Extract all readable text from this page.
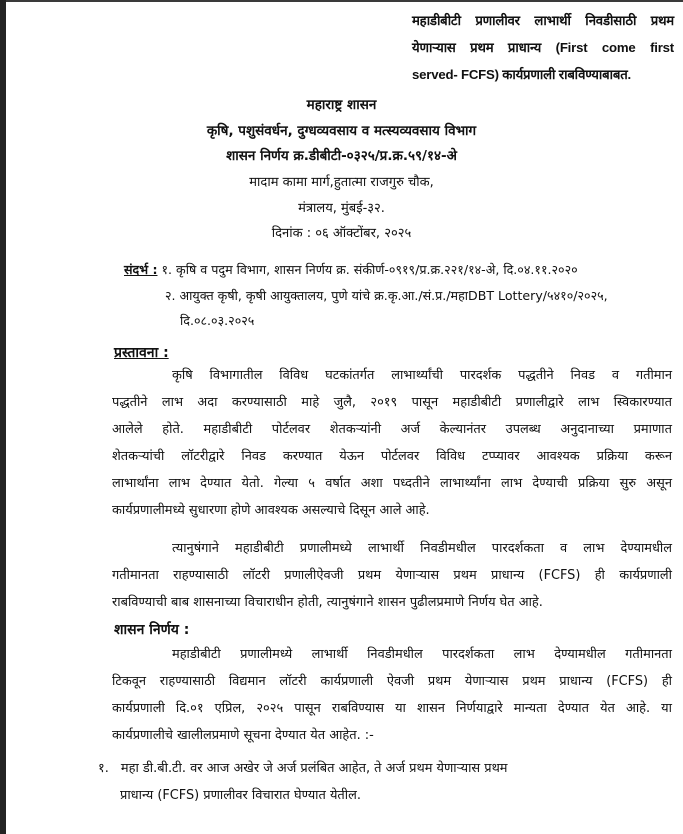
महाडीबीटी प्रणालीवर लाभार्थी निवडीसाठी प्रथम
येणाऱ्यास प्रथम प्राधान्य (First come first
served- FCFS) कार्यप्रणाली राबविण्याबाबत.
महाराष्ट्र शासन
कृषि, पशुसंवर्धन, दुग्धव्यवसाय व मत्स्यव्यवसाय विभाग
शासन निर्णय क्र.डीबीटी-०३२५/प्र.क्र.५९/१४-अे
मादाम कामा मार्ग,हुतात्मा राजगुरु चौक,
मंत्रालय, मुंबई-३२.
दिनांक : ०६ ऑक्टोंबर, २०२५
संदर्भ : १. कृषि व पदुम विभाग, शासन निर्णय क्र. संकीर्ण-०९१९/प्र.क्र.२२१/१४-अे, दि.०४.११.२०२०
२. आयुक्त कृषी, कृषी आयुक्तालय, पुणे यांचे क्र.कृ.आ./सं.प्र./महाDBT Lottery/५४१०/२०२५,
दि.०८.०३.२०२५
प्रस्तावना :
कृषि विभागातील विविध घटकांतर्गत लाभार्थ्यांची पारदर्शक पद्धतीने निवड व गतीमान
पद्धतीने लाभ अदा करण्यासाठी माहे जुलै, २०१९ पासून महाडीबीटी प्रणालीद्वारे लाभ स्विकारण्यात
आलेले होते. महाडीबीटी पोर्टलवर शेतकऱ्यांनी अर्ज केल्यानंतर उपलब्ध अनुदानाच्या प्रमाणात
शेतकऱ्यांची लॉटरीद्वारे निवड करण्यात येऊन पोर्टलवर विविध टप्प्यावर आवश्यक प्रक्रिया करून
लाभार्थांना लाभ देण्यात येतो. गेल्या ५ वर्षात अशा पध्दतीने लाभार्थ्यांना लाभ देण्याची प्रक्रिया सुरु असून
कार्यप्रणालीमध्ये सुधारणा होणे आवश्यक असल्याचे दिसून आले आहे.
त्यानुषंगाने महाडीबीटी प्रणालीमध्ये लाभार्थी निवडीमधील पारदर्शकता व लाभ देण्यामधील
गतीमानता राहण्यासाठी लॉटरी प्रणालीऐवजी प्रथम येणाऱ्यास प्रथम प्राधान्य (FCFS) ही कार्यप्रणाली
राबविण्याची बाब शासनाच्या विचाराधीन होती, त्यानुषंगाने शासन पुढीलप्रमाणे निर्णय घेत आहे.
शासन निर्णय :
महाडीबीटी प्रणालीमध्ये लाभार्थी निवडीमधील पारदर्शकता लाभ देण्यामधील गतीमानता
टिकवून राहण्यासाठी विद्यमान लॉटरी कार्यप्रणाली ऐवजी प्रथम येणाऱ्यास प्रथम प्राधान्य (FCFS) ही
कार्यप्रणाली दि.०१ एप्रिल, २०२५ पासून राबविण्यास या शासन निर्णयाद्वारे मान्यता देण्यात येत आहे. या
कार्यप्रणालीचे खालीलप्रमाणे सूचना देण्यात येत आहेत. :-
१. महा डी.बी.टी. वर आज अखेर जे अर्ज प्रलंबित आहेत, ते अर्ज प्रथम येणाऱ्यास प्रथम
प्राधान्य (FCFS) प्रणालीवर विचारात घेण्यात येतील.
